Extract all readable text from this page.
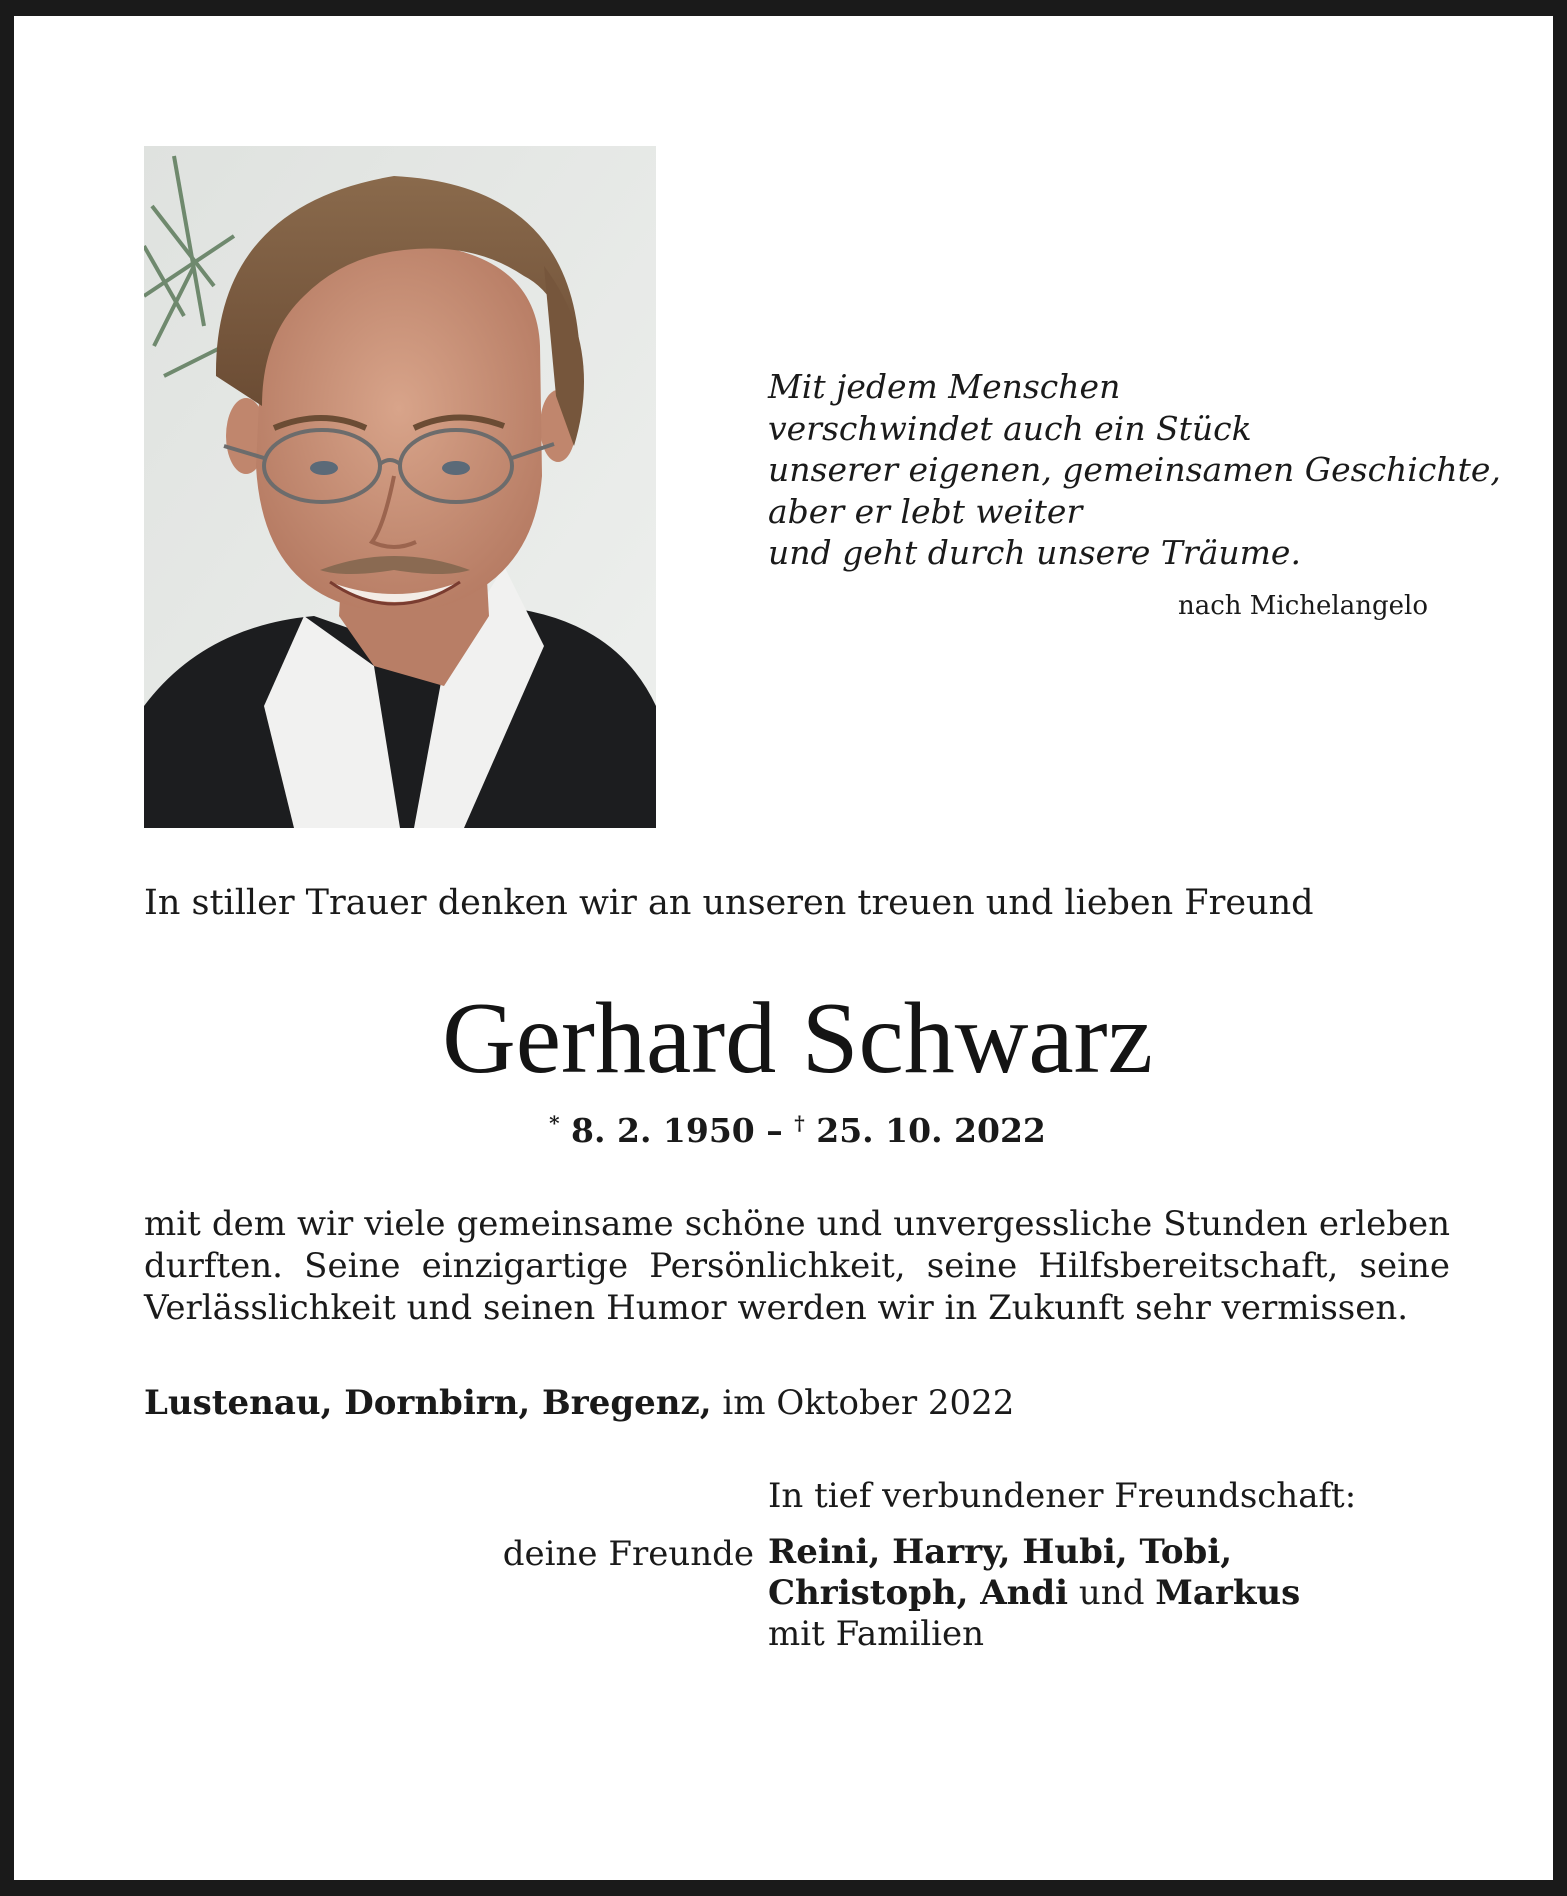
Mit jedem Menschen
verschwindet auch ein Stück
unserer eigenen, gemeinsamen Geschichte,
aber er lebt weiter
und geht durch unsere Träume.
nach Michelangelo
In stiller Trauer denken wir an unseren treuen und lieben Freund
Gerhard Schwarz
* 8. 2. 1950 – † 25. 10. 2022
mit dem wir viele gemeinsame schöne und unvergessliche Stunden erleben
durften. Seine einzigartige Persönlichkeit, seine Hilfsbereitschaft, seine
Verlässlichkeit und seinen Humor werden wir in Zukunft sehr vermissen.
Lustenau, Dornbirn, Bregenz, im Oktober 2022
In tief verbundener Freundschaft:
deine Freunde Reini, Harry, Hubi, Tobi,
Christoph, Andi und Markus
mit Familien
